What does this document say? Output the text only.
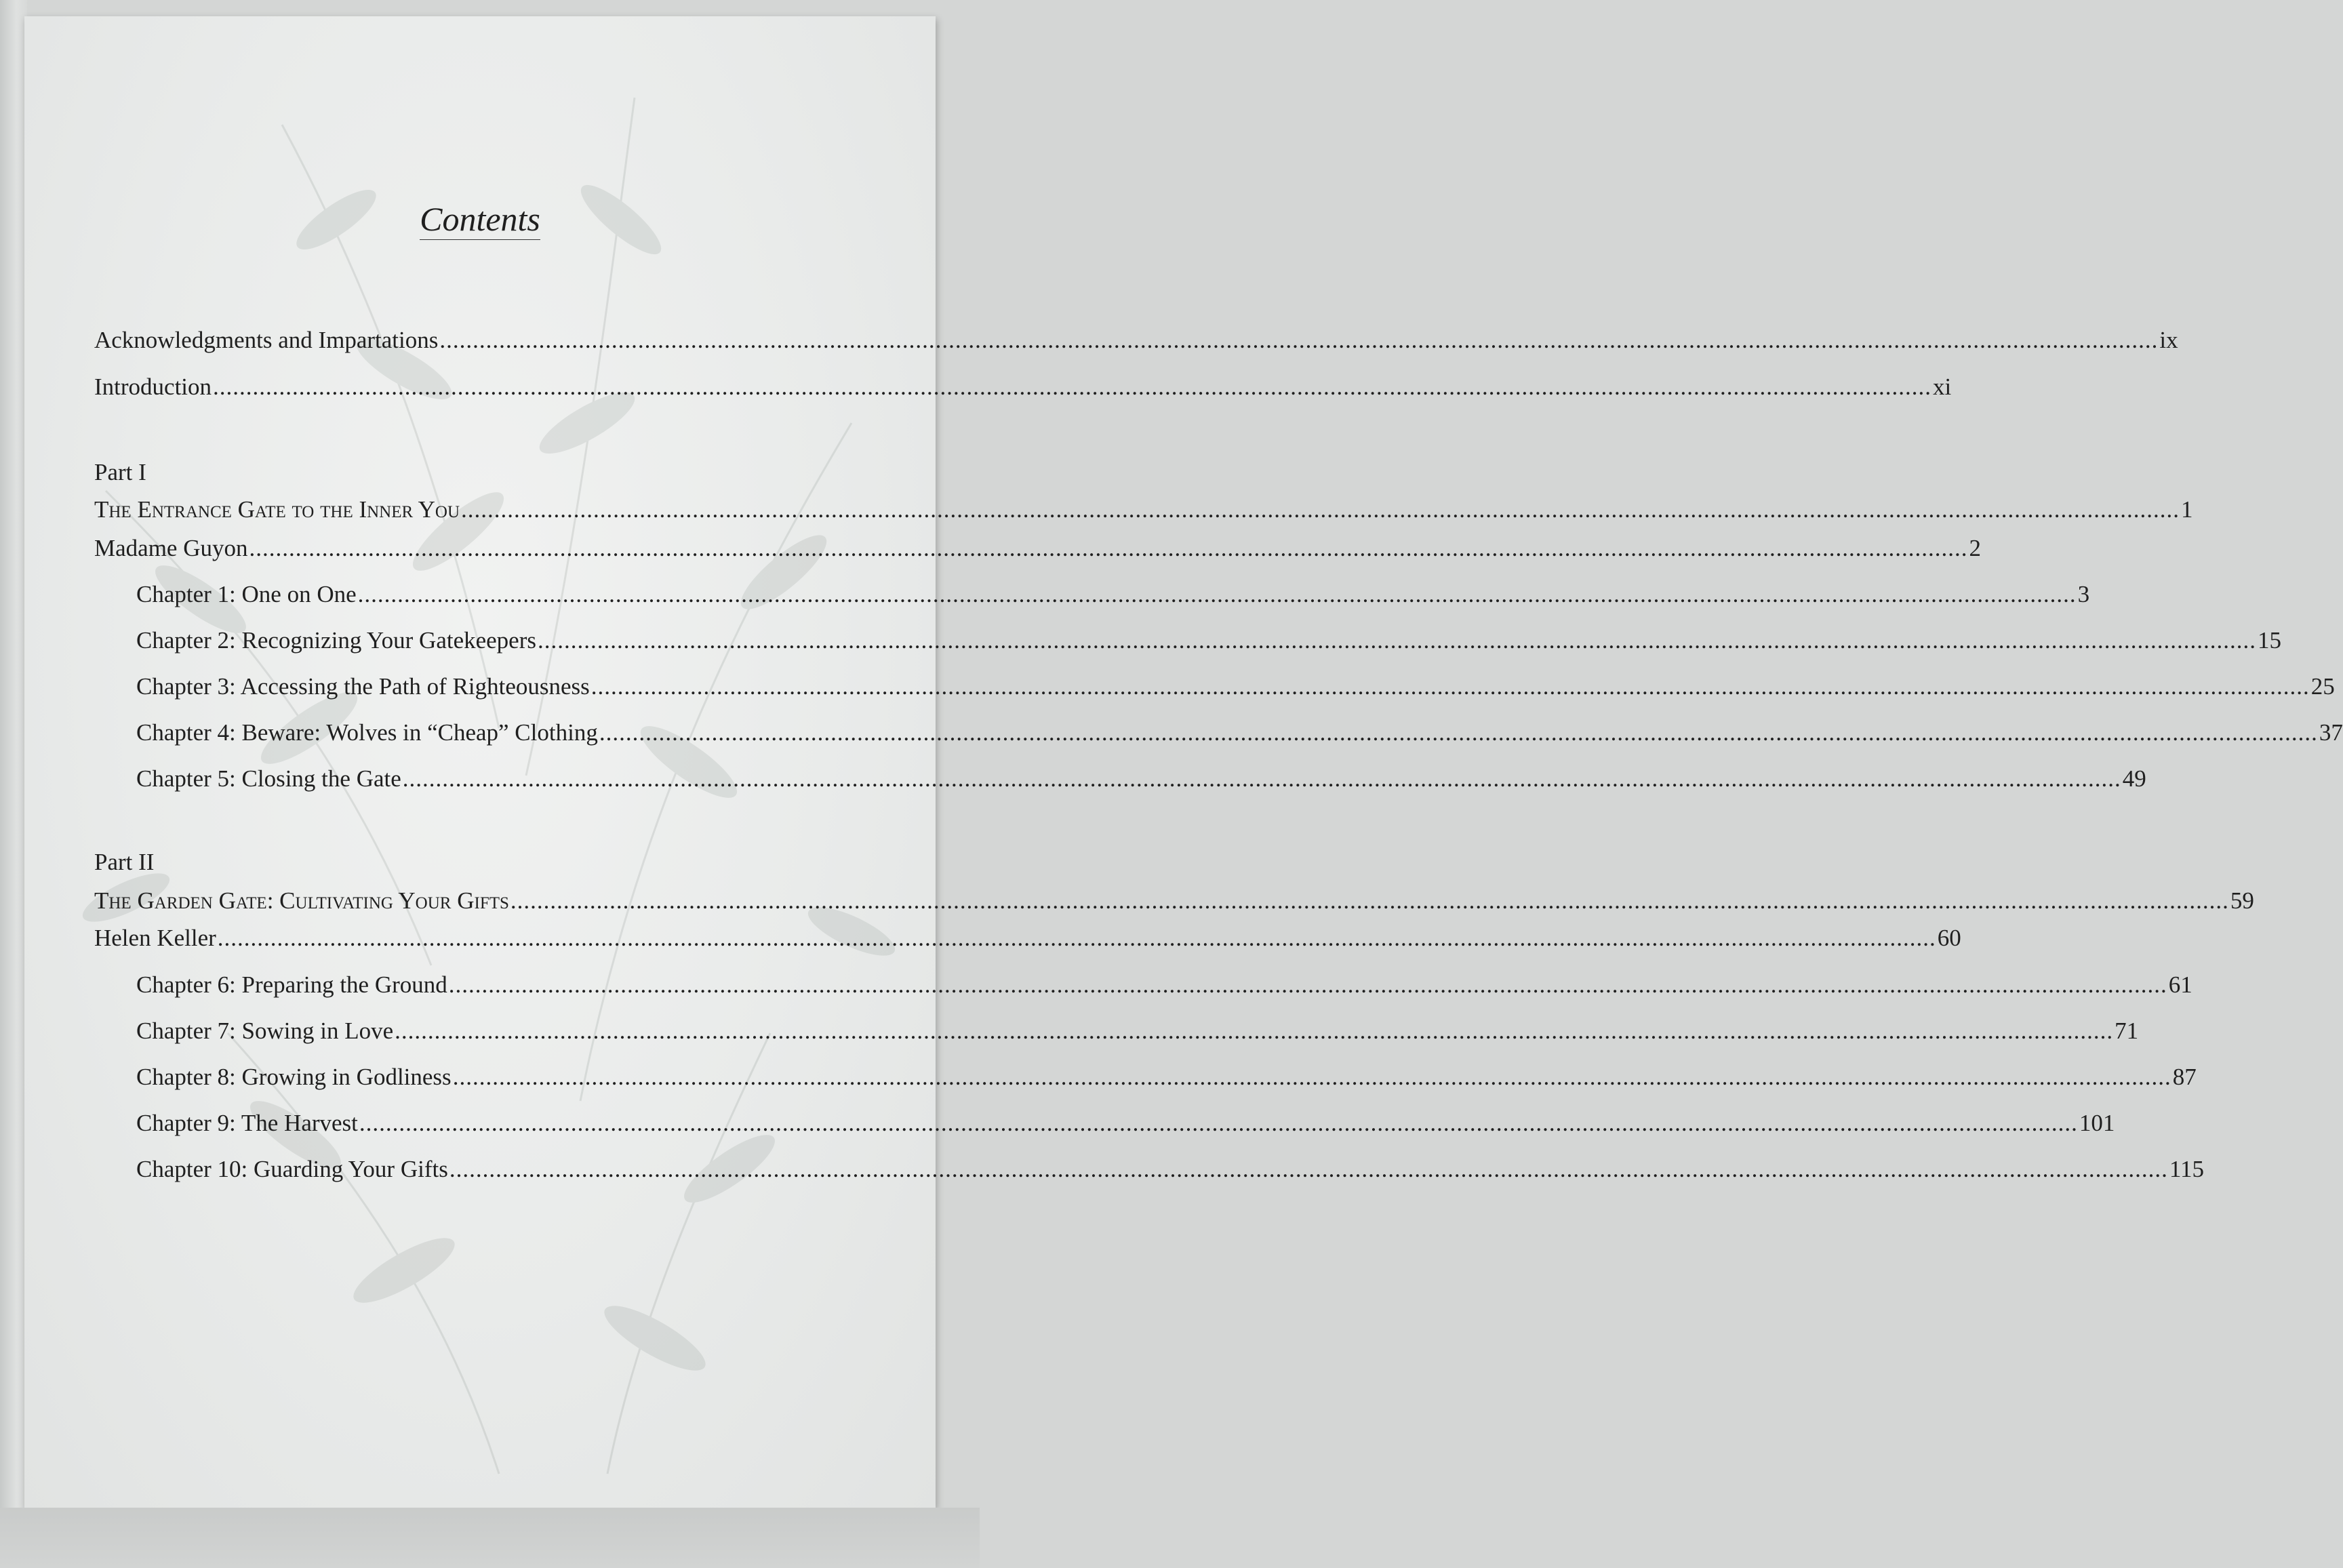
Contents
Acknowledgments and Impartations .................................................................................................................................................................................................................................................................... ix
Introduction .................................................................................................................................................................................................................................................................... xi
Part I
The Entrance Gate to the Inner You .................................................................................................................................................................................................................................................................... 1
Madame Guyon .................................................................................................................................................................................................................................................................... 2
Chapter 1: One on One .................................................................................................................................................................................................................................................................... 3
Chapter 2: Recognizing Your Gatekeepers .................................................................................................................................................................................................................................................................... 15
Chapter 3: Accessing the Path of Righteousness .................................................................................................................................................................................................................................................................... 25
Chapter 4: Beware: Wolves in “Cheap” Clothing .................................................................................................................................................................................................................................................................... 37
Chapter 5: Closing the Gate .................................................................................................................................................................................................................................................................... 49
Part II
The Garden Gate: Cultivating Your Gifts .................................................................................................................................................................................................................................................................... 59
Helen Keller .................................................................................................................................................................................................................................................................... 60
Chapter 6: Preparing the Ground .................................................................................................................................................................................................................................................................... 61
Chapter 7: Sowing in Love .................................................................................................................................................................................................................................................................... 71
Chapter 8: Growing in Godliness .................................................................................................................................................................................................................................................................... 87
Chapter 9: The Harvest .................................................................................................................................................................................................................................................................... 101
Chapter 10: Guarding Your Gifts .................................................................................................................................................................................................................................................................... 115
